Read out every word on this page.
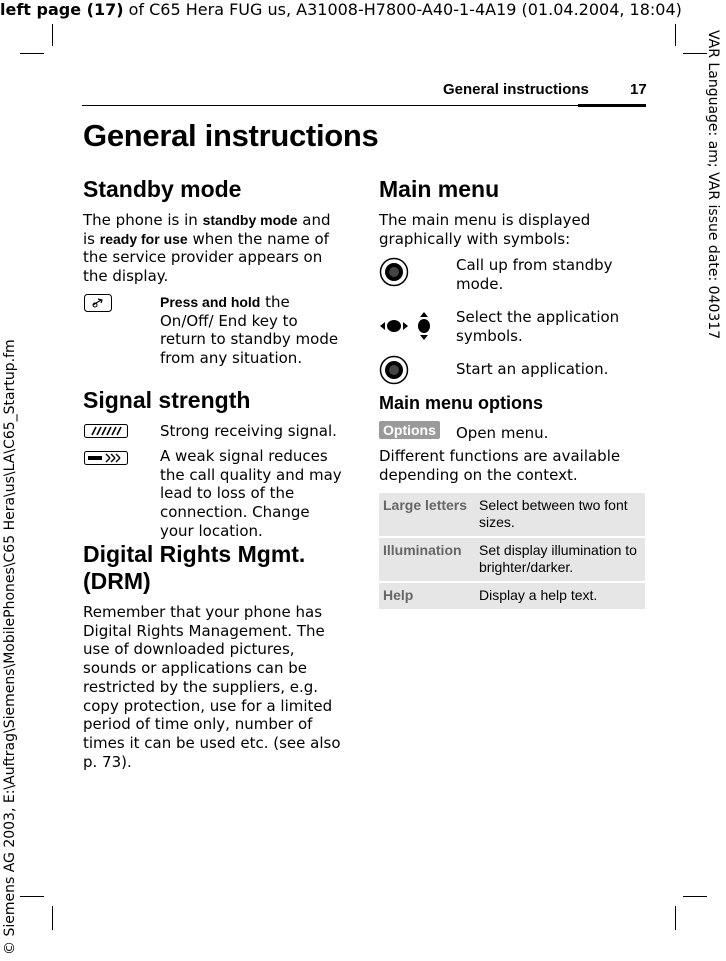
left page (17) of C65 Hera FUG us, A31008-H7800-A40-1-4A19 (01.04.2004, 18:04)
VAR Language: am; VAR issue date: 040317
© Siemens AG 2003, E:\Auftrag\Siemens\MobilePhones\C65 Hera\us\LA\C65_Startup.fm
General instructions	17
General instructions
Standby mode
The phone is in standby mode and is ready for use when the name of the service provider appears on the display.
Press and hold the On/Off/ End key to return to standby mode from any situation.
Signal strength
Strong receiving signal.
A weak signal reduces the call quality and may lead to loss of the connection. Change your location.
Digital Rights Mgmt. (DRM)
Remember that your phone has Digital Rights Management. The use of downloaded pictures, sounds or applications can be restricted by the suppliers, e.g. copy protection, use for a limited period of time only, number of times it can be used etc. (see also p. 73).
Main menu
The main menu is displayed graphically with symbols:
Call up from standby mode.
Select the application symbols.
Start an application.
Main menu options
Options Open menu.
Different functions are available depending on the context.
Large letters	Select between two font sizes.
Illumination	Set display illumination to brighter/darker.
Help	Display a help text.
